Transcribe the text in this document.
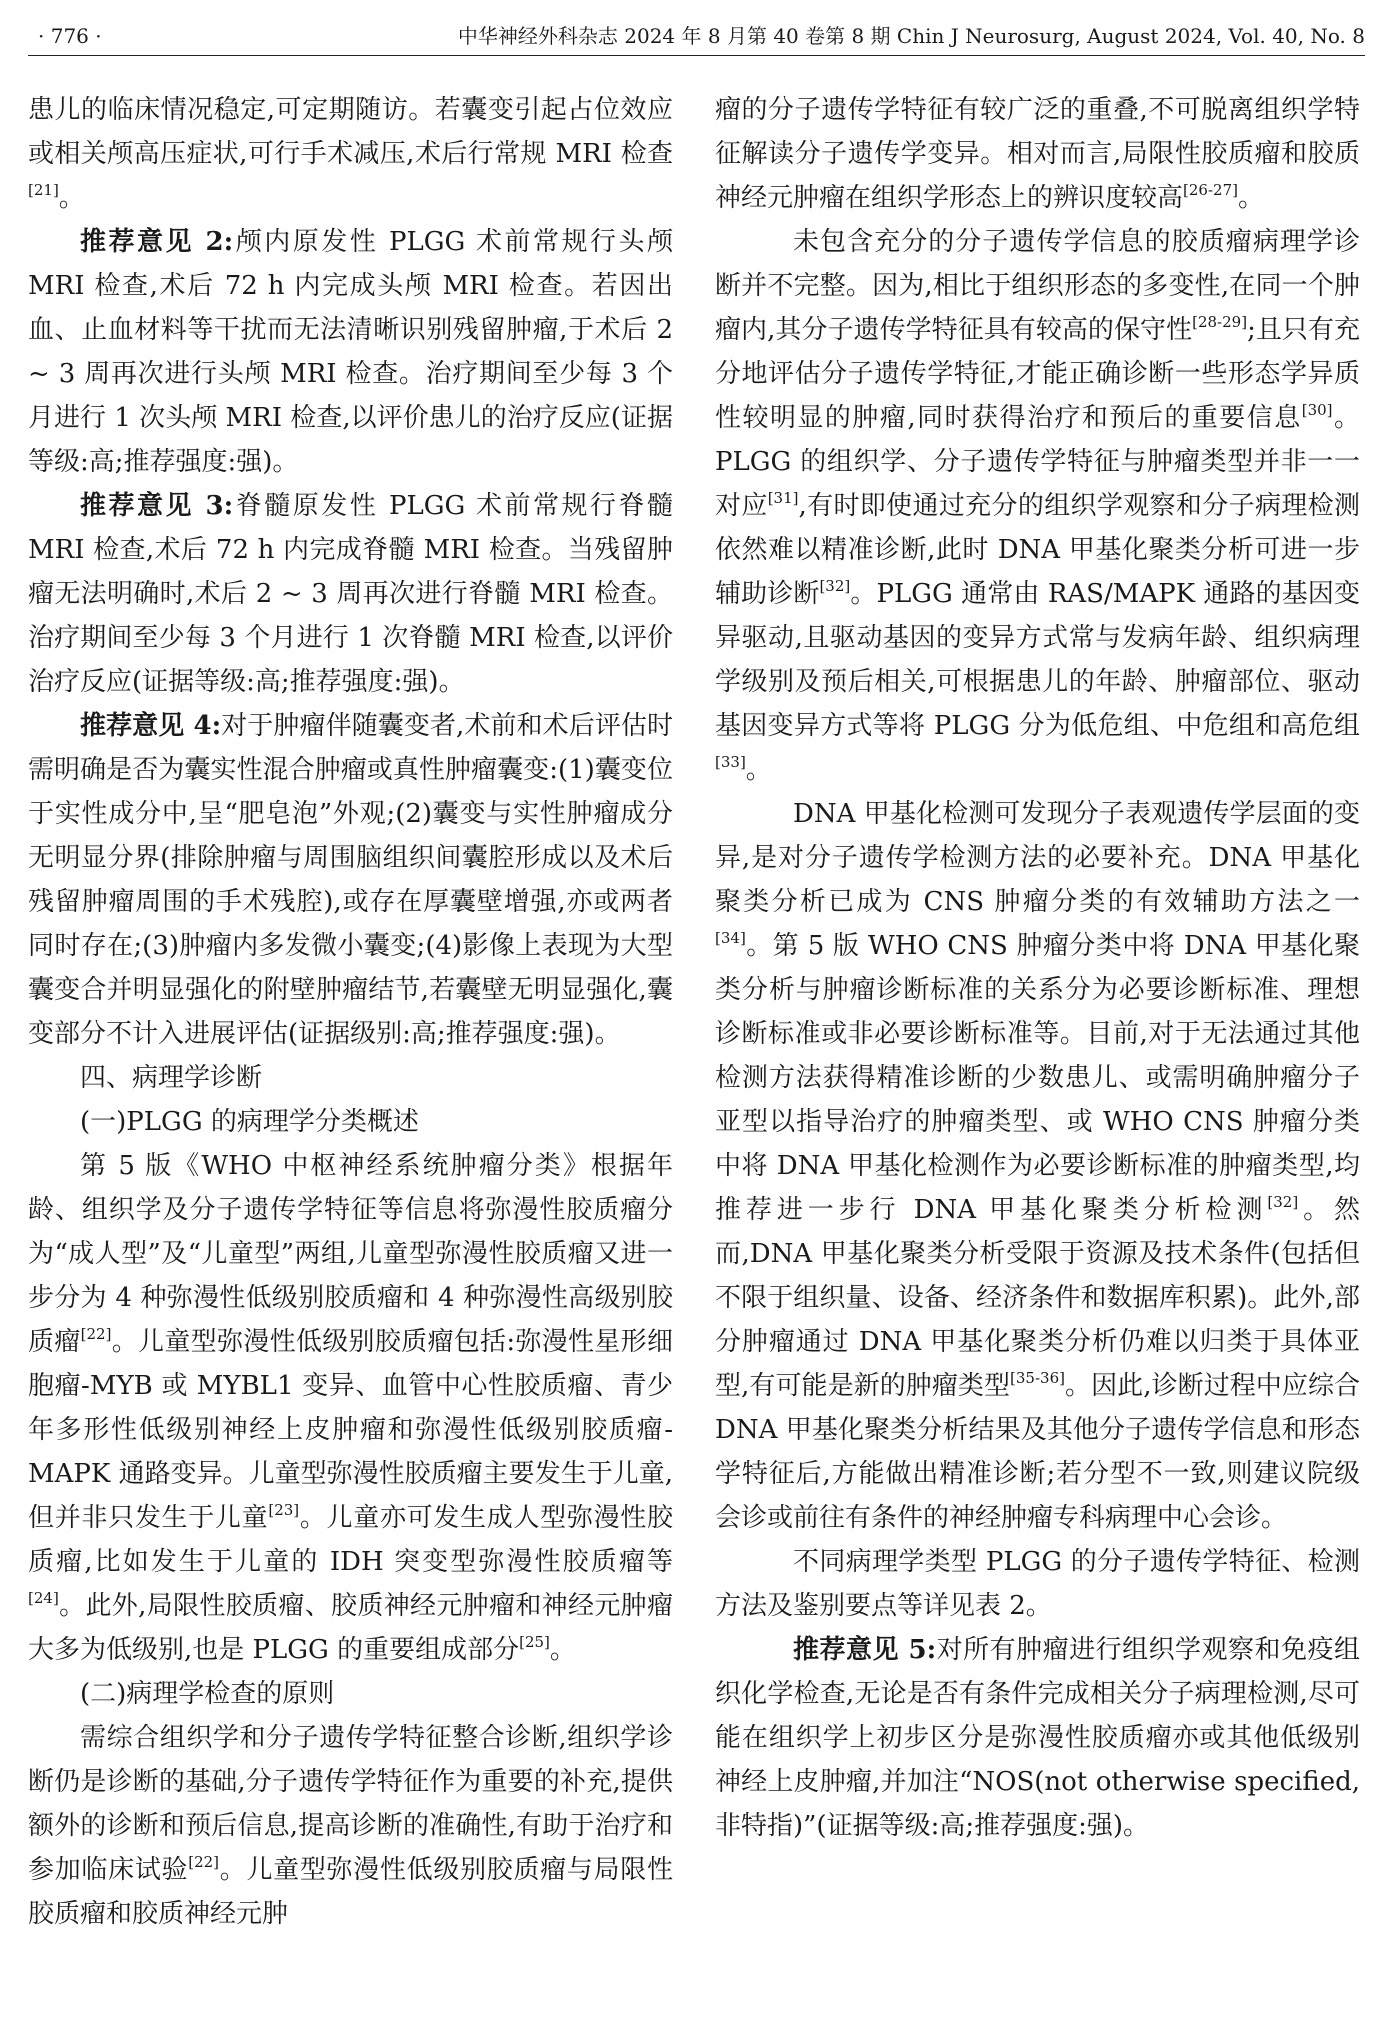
· 776 ·	中华神经外科杂志 2024 年 8 月第 40 卷第 8 期 Chin J Neurosurg, August 2024, Vol. 40, No. 8

患儿的临床情况稳定,可定期随访。若囊变引起占位效应或相关颅高压症状,可行手术减压,术后行常规 MRI 检查[21]。

推荐意见 2:颅内原发性 PLGG 术前常规行头颅 MRI 检查,术后 72 h 内完成头颅 MRI 检查。若因出血、止血材料等干扰而无法清晰识别残留肿瘤,于术后 2 ~ 3 周再次进行头颅 MRI 检查。治疗期间至少每 3 个月进行 1 次头颅 MRI 检查,以评价患儿的治疗反应(证据等级:高;推荐强度:强)。

推荐意见 3:脊髓原发性 PLGG 术前常规行脊髓 MRI 检查,术后 72 h 内完成脊髓 MRI 检查。当残留肿瘤无法明确时,术后 2 ~ 3 周再次进行脊髓 MRI 检查。治疗期间至少每 3 个月进行 1 次脊髓 MRI 检查,以评价治疗反应(证据等级:高;推荐强度:强)。

推荐意见 4:对于肿瘤伴随囊变者,术前和术后评估时需明确是否为囊实性混合肿瘤或真性肿瘤囊变:(1)囊变位于实性成分中,呈“肥皂泡”外观;(2)囊变与实性肿瘤成分无明显分界(排除肿瘤与周围脑组织间囊腔形成以及术后残留肿瘤周围的手术残腔),或存在厚囊壁增强,亦或两者同时存在;(3)肿瘤内多发微小囊变;(4)影像上表现为大型囊变合并明显强化的附壁肿瘤结节,若囊壁无明显强化,囊变部分不计入进展评估(证据级别:高;推荐强度:强)。

四、病理学诊断

(一)PLGG 的病理学分类概述

第 5 版《WHO 中枢神经系统肿瘤分类》根据年龄、组织学及分子遗传学特征等信息将弥漫性胶质瘤分为“成人型”及“儿童型”两组,儿童型弥漫性胶质瘤又进一步分为 4 种弥漫性低级别胶质瘤和 4 种弥漫性高级别胶质瘤[22]。儿童型弥漫性低级别胶质瘤包括:弥漫性星形细胞瘤-MYB 或 MYBL1 变异、血管中心性胶质瘤、青少年多形性低级别神经上皮肿瘤和弥漫性低级别胶质瘤-MAPK 通路变异。儿童型弥漫性胶质瘤主要发生于儿童,但并非只发生于儿童[23]。儿童亦可发生成人型弥漫性胶质瘤,比如发生于儿童的 IDH 突变型弥漫性胶质瘤等[24]。此外,局限性胶质瘤、胶质神经元肿瘤和神经元肿瘤大多为低级别,也是 PLGG 的重要组成部分[25]。

(二)病理学检查的原则

需综合组织学和分子遗传学特征整合诊断,组织学诊断仍是诊断的基础,分子遗传学特征作为重要的补充,提供额外的诊断和预后信息,提高诊断的准确性,有助于治疗和参加临床试验[22]。儿童型弥漫性低级别胶质瘤与局限性胶质瘤和胶质神经元肿

瘤的分子遗传学特征有较广泛的重叠,不可脱离组织学特征解读分子遗传学变异。相对而言,局限性胶质瘤和胶质神经元肿瘤在组织学形态上的辨识度较高[26-27]。

未包含充分的分子遗传学信息的胶质瘤病理学诊断并不完整。因为,相比于组织形态的多变性,在同一个肿瘤内,其分子遗传学特征具有较高的保守性[28-29];且只有充分地评估分子遗传学特征,才能正确诊断一些形态学异质性较明显的肿瘤,同时获得治疗和预后的重要信息[30]。PLGG 的组织学、分子遗传学特征与肿瘤类型并非一一对应[31],有时即使通过充分的组织学观察和分子病理检测依然难以精准诊断,此时 DNA 甲基化聚类分析可进一步辅助诊断[32]。PLGG 通常由 RAS/MAPK 通路的基因变异驱动,且驱动基因的变异方式常与发病年龄、组织病理学级别及预后相关,可根据患儿的年龄、肿瘤部位、驱动基因变异方式等将 PLGG 分为低危组、中危组和高危组[33]。

DNA 甲基化检测可发现分子表观遗传学层面的变异,是对分子遗传学检测方法的必要补充。DNA 甲基化聚类分析已成为 CNS 肿瘤分类的有效辅助方法之一[34]。第 5 版 WHO CNS 肿瘤分类中将 DNA 甲基化聚类分析与肿瘤诊断标准的关系分为必要诊断标准、理想诊断标准或非必要诊断标准等。目前,对于无法通过其他检测方法获得精准诊断的少数患儿、或需明确肿瘤分子亚型以指导治疗的肿瘤类型、或 WHO CNS 肿瘤分类中将 DNA 甲基化检测作为必要诊断标准的肿瘤类型,均推荐进一步行 DNA 甲基化聚类分析检测[32]。然而,DNA 甲基化聚类分析受限于资源及技术条件(包括但不限于组织量、设备、经济条件和数据库积累)。此外,部分肿瘤通过 DNA 甲基化聚类分析仍难以归类于具体亚型,有可能是新的肿瘤类型[35-36]。因此,诊断过程中应综合 DNA 甲基化聚类分析结果及其他分子遗传学信息和形态学特征后,方能做出精准诊断;若分型不一致,则建议院级会诊或前往有条件的神经肿瘤专科病理中心会诊。

不同病理学类型 PLGG 的分子遗传学特征、检测方法及鉴别要点等详见表 2。

推荐意见 5:对所有肿瘤进行组织学观察和免疫组织化学检查,无论是否有条件完成相关分子病理检测,尽可能在组织学上初步区分是弥漫性胶质瘤亦或其他低级别神经上皮肿瘤,并加注“NOS(not otherwise specified,非特指)”(证据等级:高;推荐强度:强)。
